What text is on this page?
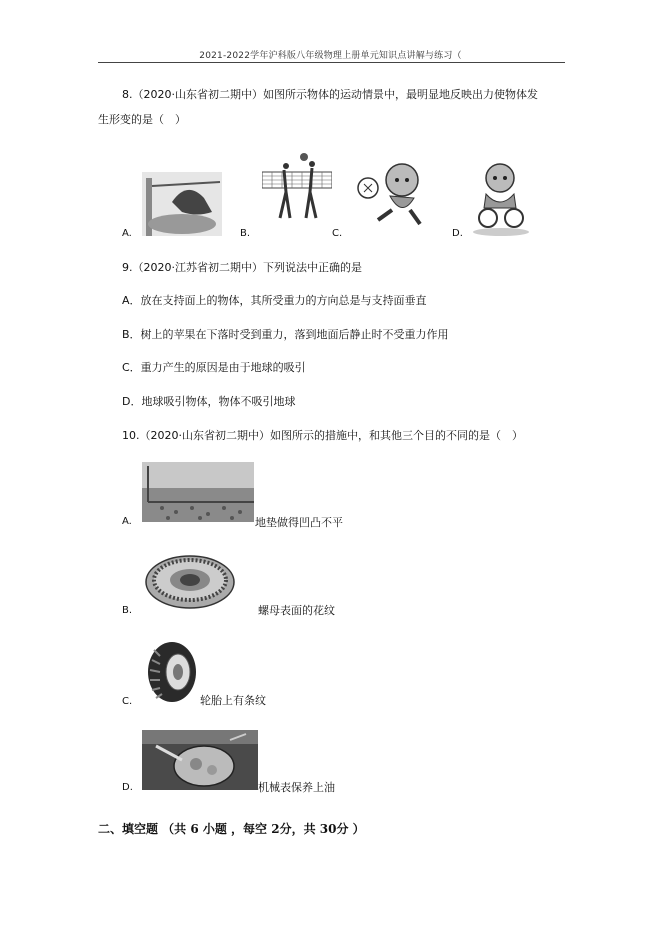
2021-2022学年沪科版八年级物理上册单元知识点讲解与练习（
8.（2020·山东省初二期中）如图所示物体的运动情景中，最明显地反映出力使物体发
生形变的是（　）
A.	B.	C.	D.
9.（2020·江苏省初二期中）下列说法中正确的是
A．放在支持面上的物体，其所受重力的方向总是与支持面垂直
B．树上的苹果在下落时受到重力，落到地面后静止时不受重力作用
C．重力产生的原因是由于地球的吸引
D．地球吸引物体，物体不吸引地球
10.（2020·山东省初二期中）如图所示的措施中，和其他三个目的不同的是（　）
A.	地垫做得凹凸不平
B.	螺母表面的花纹
C.	轮胎上有条纹
D.	机械表保养上油
二、填空题 （共 6 小题 ，每空 2分，共 30分 ）
